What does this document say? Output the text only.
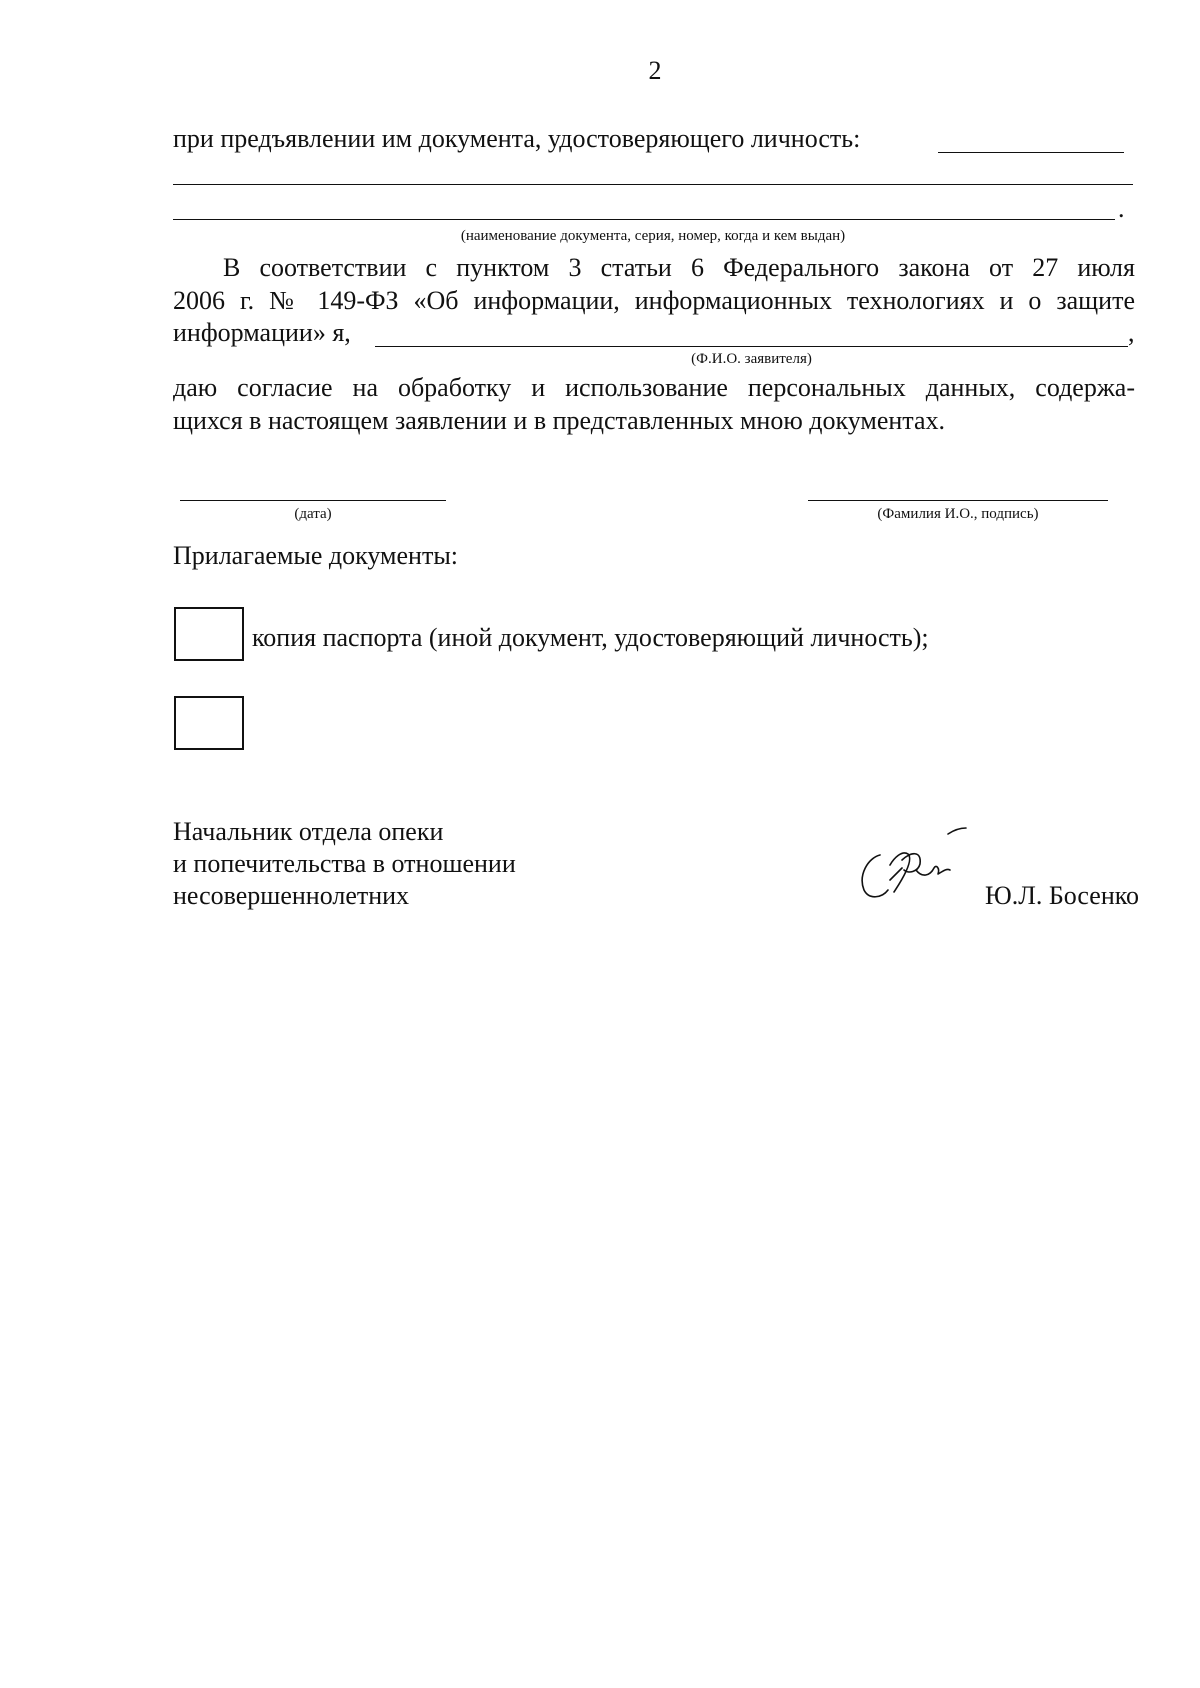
2
при предъявлении им документа, удостоверяющего личность:
.
(наименование документа, серия, номер, когда и кем выдан)
В соответствии с пунктом 3 статьи 6 Федерального закона от 27 июля
2006 г. № 149-ФЗ «Об информации, информационных технологиях и о защите
информации» я,	,
(Ф.И.О. заявителя)
даю согласие на обработку и использование персональных данных, содержа-
щихся в настоящем заявлении и в представленных мною документах.
(дата)	(Фамилия И.О., подпись)
Прилагаемые документы:
копия паспорта (иной документ, удостоверяющий личность);
Начальник отдела опеки
и попечительства в отношении
несовершеннолетних	Ю.Л. Босенко
